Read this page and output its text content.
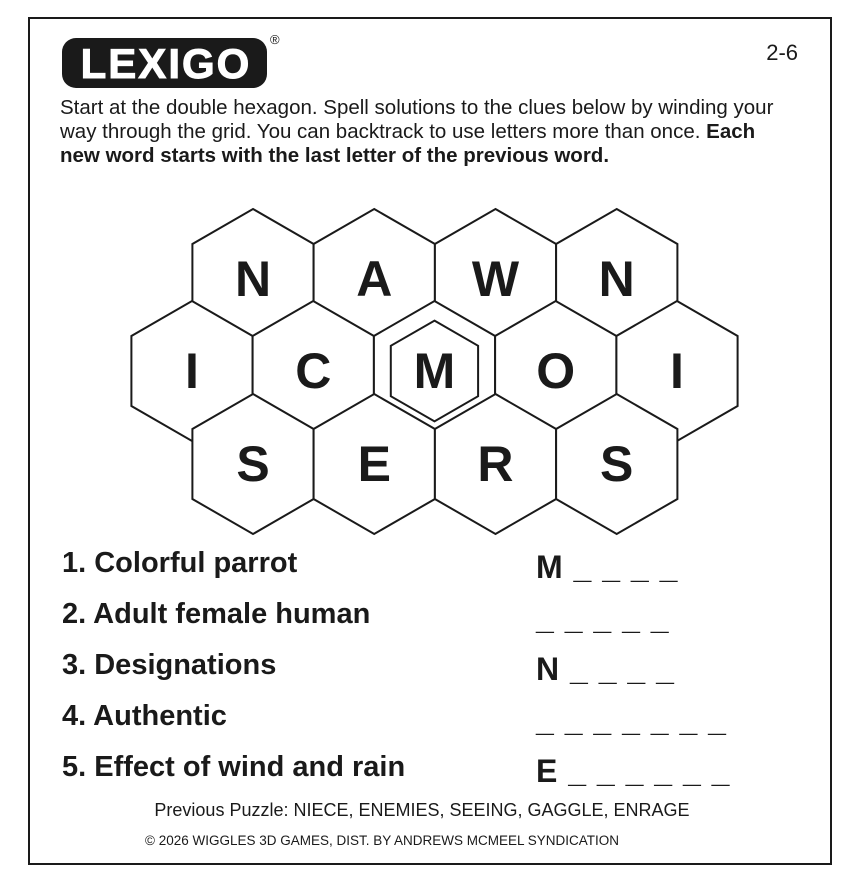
LEXIGO
®
2-6
Start at the double hexagon. Spell solutions to the clues below by winding your way through the grid. You can backtrack to use letters more than once. Each new word starts with the last letter of the previous word.
N A W N
I C M O I
S E R S
1. Colorful parrot	M _ _ _ _
2. Adult female human	_ _ _ _ _
3. Designations	N _ _ _ _
4. Authentic	_ _ _ _ _ _ _
5. Effect of wind and rain	E _ _ _ _ _ _
Previous Puzzle: NIECE, ENEMIES, SEEING, GAGGLE, ENRAGE
© 2026 WIGGLES 3D GAMES, DIST. BY ANDREWS MCMEEL SYNDICATION
